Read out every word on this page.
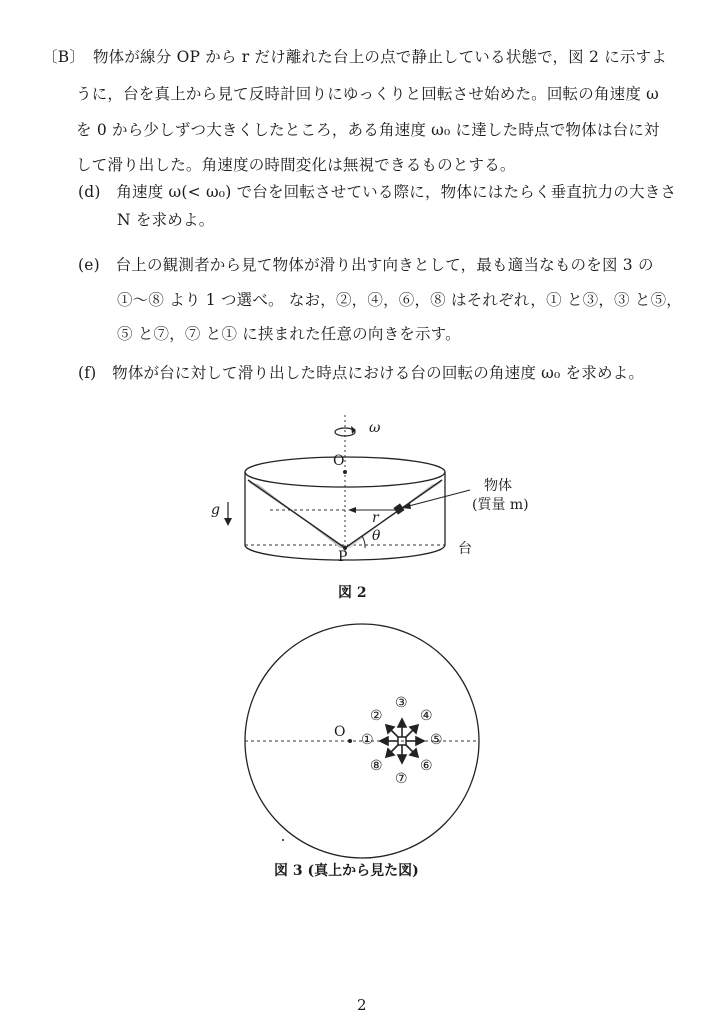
〔B〕　物体が線分 OP から r だけ離れた台上の点で静止している状態で，図 2 に示すよ
うに，台を真上から見て反時計回りにゆっくりと回転させ始めた。回転の角速度 ω
を 0 から少しずつ大きくしたところ，ある角速度 ω₀ に達した時点で物体は台に対
して滑り出した。角速度の時間変化は無視できるものとする。
(d)　角速度 ω(< ω₀) で台を回転させている際に，物体にはたらく垂直抗力の大きさ
N を求めよ。
(e)　台上の観測者から見て物体が滑り出す向きとして，最も適当なものを図 3 の
①〜⑧ より 1 つ選べ。 なお，②，④，⑥，⑧ はそれぞれ，① と③，③ と⑤，
⑤ と⑦，⑦ と① に挟まれた任意の向きを示す。
(f)　物体が台に対して滑り出した時点における台の回転の角速度 ω₀ を求めよ。
ω
O
物体
(質量 m)
r
θ
g
P	台
図 2
O ①
②
③
④
⑤
⑥
⑦
⑧
図 3 (真上から見た図)
2
